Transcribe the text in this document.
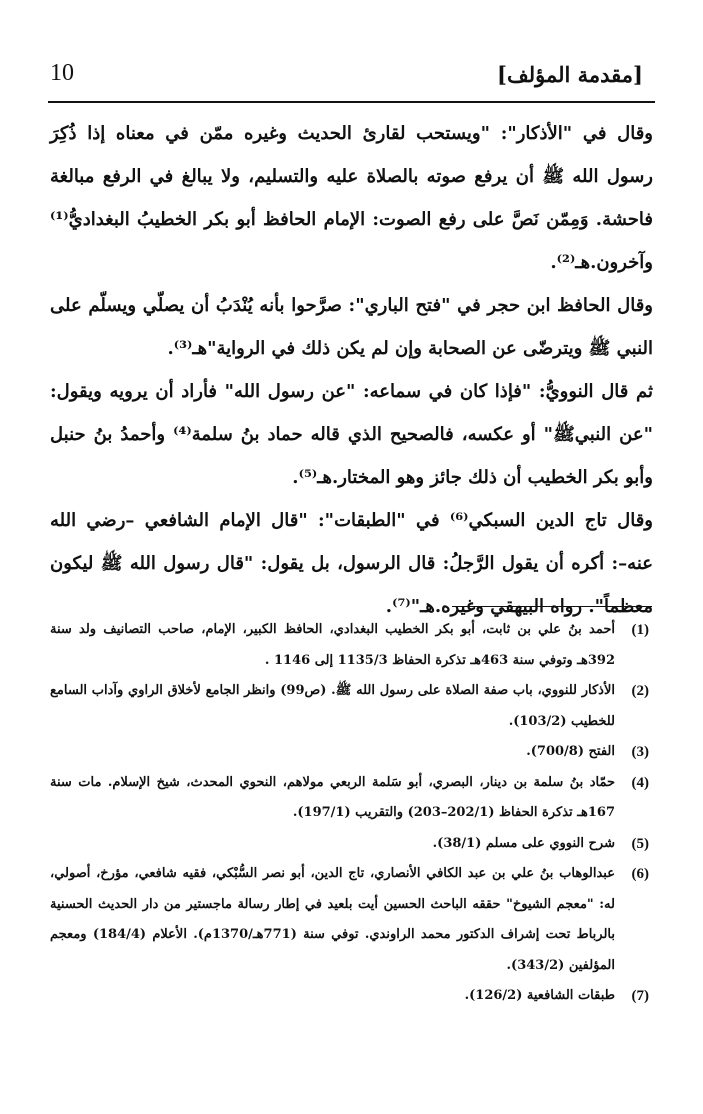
10	[مقدمة المؤلف]

وقال في "الأذكار": "ويستحب لقارئ الحديث وغيره ممّن في معناه إذا ذُكِرَ رسول الله ﷺ أن يرفع صوته بالصلاة عليه والتسليم، ولا يبالغ في الرفع مبالغة فاحشة. وَمِمّن نَصَّ على رفع الصوت: الإمام الحافظ أبو بكر الخطيبُ البغداديُّ⁽¹⁾ وآخرون.هـ⁽²⁾.

وقال الحافظ ابن حجر في "فتح الباري": صرَّحوا بأنه يُنْدَبُ أن يصلّي ويسلّم على النبي ﷺ ويترضّى عن الصحابة وإن لم يكن ذلك في الرواية"هـ⁽³⁾.

ثم قال النوويُّ: "فإذا كان في سماعه: "عن رسول الله" فأراد أن يرويه ويقول: "عن النبيﷺ" أو عكسه، فالصحيح الذي قاله حماد بنُ سلمة⁽⁴⁾ وأحمدُ بنُ حنبل وأبو بكر الخطيب أن ذلك جائز وهو المختار.هـ⁽⁵⁾.

وقال تاج الدين السبكي⁽⁶⁾ في "الطبقات": "قال الإمام الشافعي –رضي الله عنه–: أكره أن يقول الرَّجلُ: قال الرسول، بل يقول: "قال رسول الله ﷺ ليكون معظماً". رواه البيهقي وغيره.هـ"⁽⁷⁾.

(1)
أحمد بنُ علي بن ثابت، أبو بكر الخطيب البغدادي، الحافظ الكبير، الإمام، صاحب التصانيف ولد سنة 392هـ وتوفي سنة 463هـ تذكرة الحفاظ 1135/3 إلى 1146 .
(2)
الأذكار للنووي، باب صفة الصلاة على رسول الله ﷺ. (ص99) وانظر الجامع لأخلاق الراوي وآداب السامع للخطيب (103/2).
(3)
الفتح (700/8).
(4)
حمّاد بنُ سلمة بن دينار، البصري، أبو سَلمة الربعي مولاهم، النحوي المحدث، شيخ الإسلام. مات سنة 167هـ تذكرة الحفاظ (202/1–203) والتقريب (197/1).
(5)
شرح النووي على مسلم (38/1).
(6)
عبدالوهاب بنُ علي بن عبد الكافي الأنصاري، تاج الدين، أبو نصر السُّبْكي، فقيه شافعي، مؤرخ، أصولي، له: "معجم الشيوخ" حققه الباحث الحسين أيت بلعيد في إطار رسالة ماجستير من دار الحديث الحسنية بالرباط تحت إشراف الدكتور محمد الراوندي. توفي سنة (771هـ/1370م). الأعلام (184/4) ومعجم المؤلفين (343/2).
(7)
طبقات الشافعية (126/2).
